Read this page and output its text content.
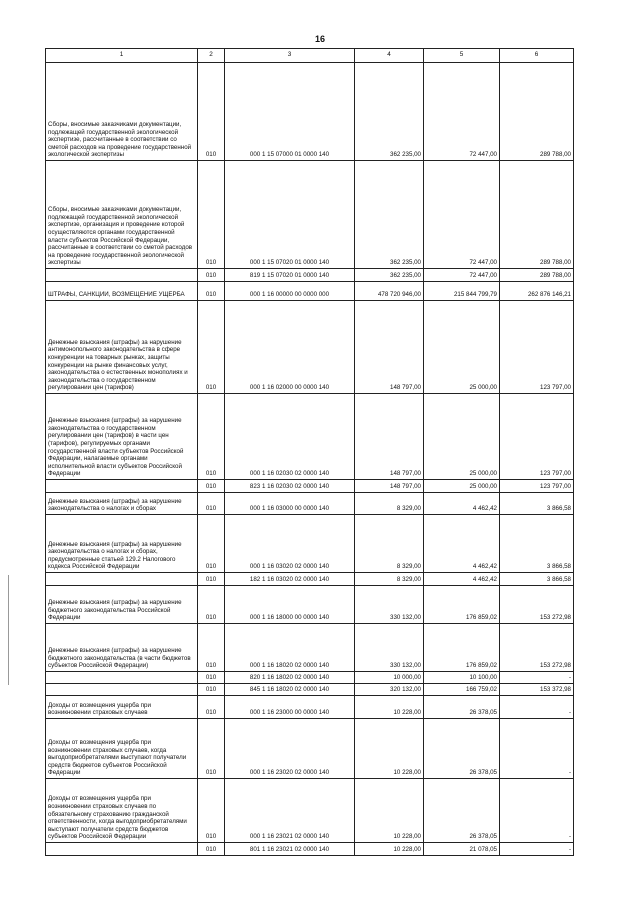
16
1	2	3	4	5	6
Сборы, вносимые заказчиками документации, подлежащей государственной экологической экспертизе, рассчитанные в соответствии со сметой расходов на проведение государственной экологической экспертизы	010	000 1 15 07000 01 0000 140	362 235,00	72 447,00	289 788,00
Сборы, вносимые заказчиками документации, подлежащей государственной экологической экспертизе, организация и проведение которой осуществляются органами государственной власти субъектов Российской Федерации, рассчитанные в соответствии со сметой расходов на проведение государственной экологической экспертизы	010	000 1 15 07020 01 0000 140	362 235,00	72 447,00	289 788,00
	010	819 1 15 07020 01 0000 140	362 235,00	72 447,00	289 788,00
ШТРАФЫ, САНКЦИИ, ВОЗМЕЩЕНИЕ УЩЕРБА	010	000 1 16 00000 00 0000 000	478 720 946,00	215 844 799,79	262 876 146,21
Денежные взыскания (штрафы) за нарушение антимонопольного законодательства в сфере конкуренции на товарных рынках, защиты конкуренции на рынке финансовых услуг, законодательства о естественных монополиях и законодательства о государственном регулировании цен (тарифов)	010	000 1 16 02000 00 0000 140	148 797,00	25 000,00	123 797,00
Денежные взыскания (штрафы) за нарушение законодательства о государственном регулировании цен (тарифов) в части цен (тарифов), регулируемых органами государственной власти субъектов Российской Федерации, налагаемые органами исполнительной власти субъектов Российской Федерации	010	000 1 16 02030 02 0000 140	148 797,00	25 000,00	123 797,00
	010	823 1 16 02030 02 0000 140	148 797,00	25 000,00	123 797,00
Денежные взыскания (штрафы) за нарушение законодательства о налогах и сборах	010	000 1 16 03000 00 0000 140	8 329,00	4 462,42	3 866,58
Денежные взыскания (штрафы) за нарушение законодательства о налогах и сборах, предусмотренные статьей 129.2 Налогового кодекса Российской Федерации	010	000 1 16 03020 02 0000 140	8 329,00	4 462,42	3 866,58
	010	182 1 16 03020 02 0000 140	8 329,00	4 462,42	3 866,58
Денежные взыскания (штрафы) за нарушение бюджетного законодательства Российской Федерации	010	000 1 16 18000 00 0000 140	330 132,00	176 859,02	153 272,98
Денежные взыскания (штрафы) за нарушение бюджетного законодательства (в части бюджетов субъектов Российской Федерации)	010	000 1 16 18020 02 0000 140	330 132,00	176 859,02	153 272,98
	010	820 1 16 18020 02 0000 140	10 000,00	10 100,00	-
	010	845 1 16 18020 02 0000 140	320 132,00	166 759,02	153 372,98
Доходы от возмещения ущерба при возникновении страховых случаев	010	000 1 16 23000 00 0000 140	10 228,00	26 378,05	-
Доходы от возмещения ущерба при возникновении страховых случаев, когда выгодоприобретателями выступают получатели средств бюджетов субъектов Российской Федерации	010	000 1 16 23020 02 0000 140	10 228,00	26 378,05	-
Доходы от возмещения ущерба при возникновении страховых случаев по обязательному страхованию гражданской ответственности, когда выгодоприобретателями выступают получатели средств бюджетов субъектов Российской Федерации	010	000 1 16 23021 02 0000 140	10 228,00	26 378,05	-
	010	801 1 16 23021 02 0000 140	10 228,00	21 078,05	-
